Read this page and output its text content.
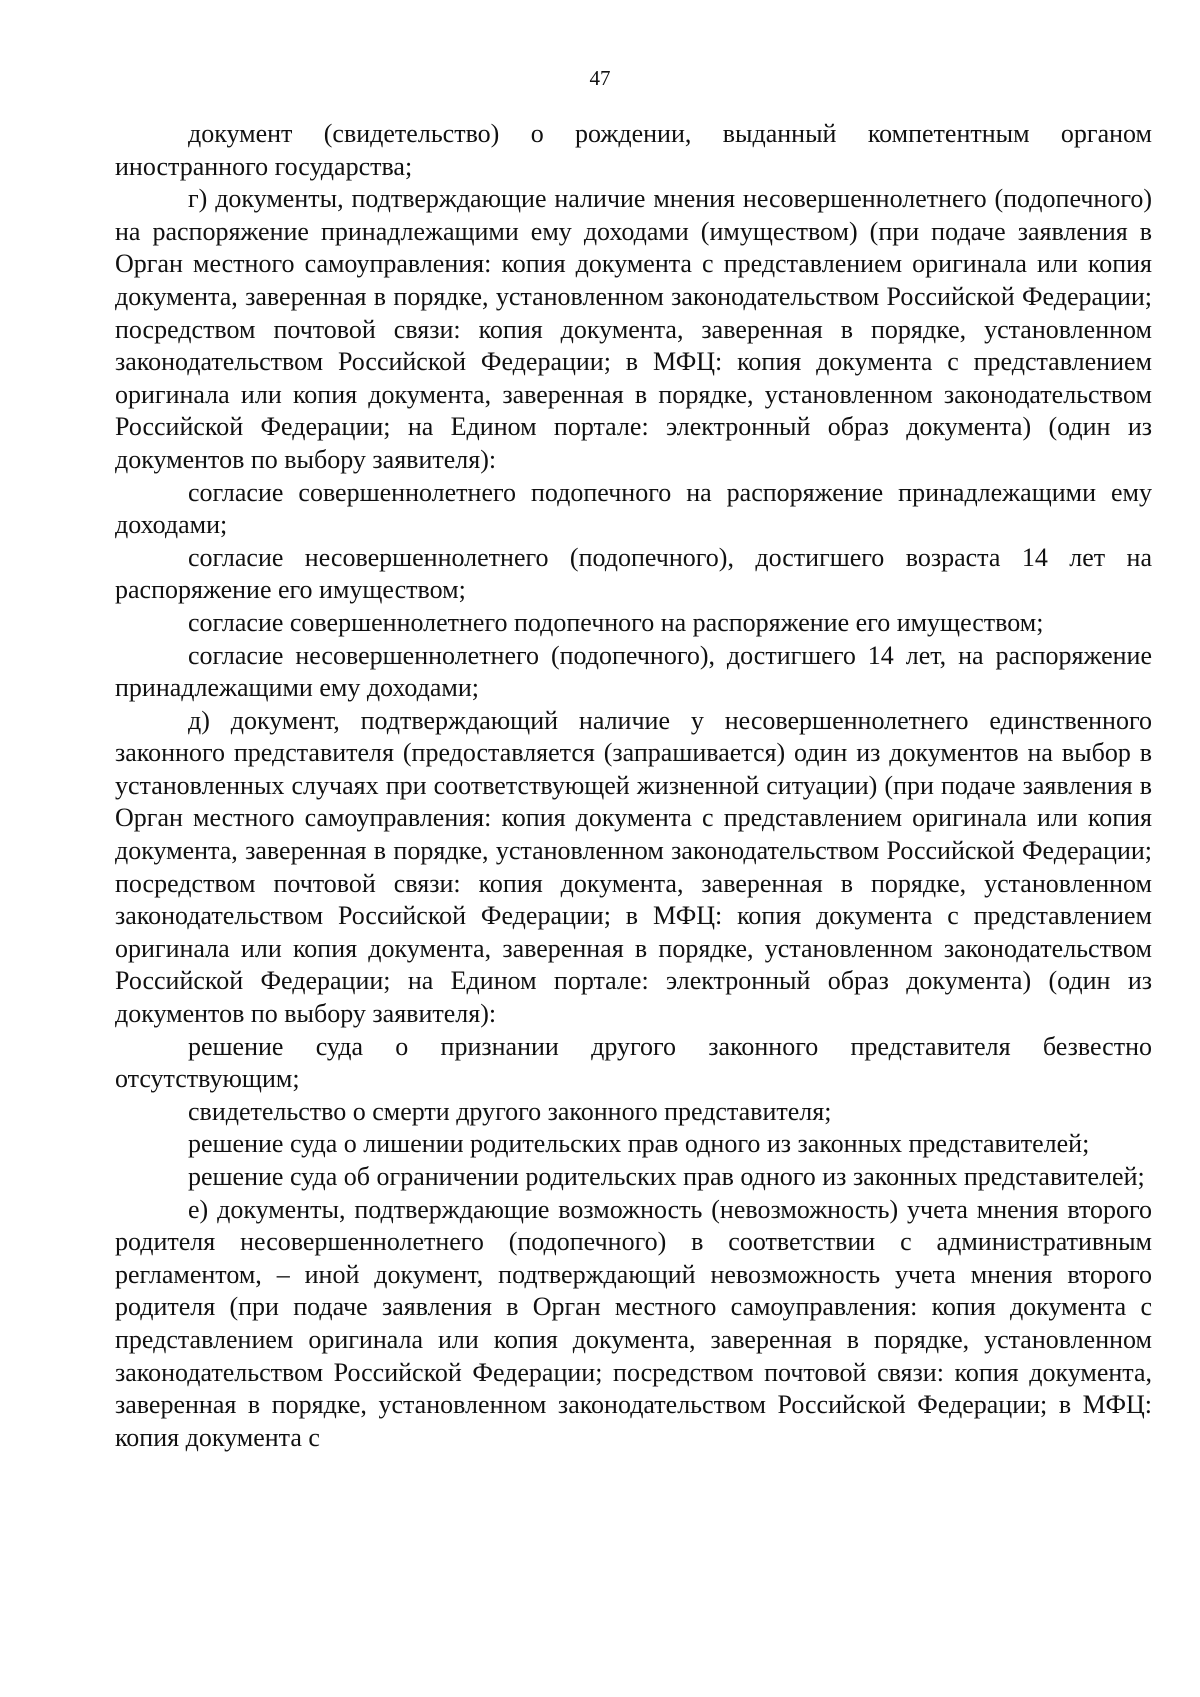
47

документ (свидетельство) о рождении, выданный компетентным органом иностранного государства;

г) документы, подтверждающие наличие мнения несовершеннолетнего (подопечного) на распоряжение принадлежащими ему доходами (имуществом) (при подаче заявления в Орган местного самоуправления: копия документа с представлением оригинала или копия документа, заверенная в порядке, установленном законодательством Российской Федерации; посредством почтовой связи: копия документа, заверенная в порядке, установленном законодательством Российской Федерации; в МФЦ: копия документа с представлением оригинала или копия документа, заверенная в порядке, установленном законодательством Российской Федерации; на Едином портале: электронный образ документа) (один из документов по выбору заявителя):

согласие совершеннолетнего подопечного на распоряжение принадлежащими ему доходами;

согласие несовершеннолетнего (подопечного), достигшего возраста 14 лет на распоряжение его имуществом;

согласие совершеннолетнего подопечного на распоряжение его имуществом;

согласие несовершеннолетнего (подопечного), достигшего 14 лет, на распоряжение принадлежащими ему доходами;

д) документ, подтверждающий наличие у несовершеннолетнего единственного законного представителя (предоставляется (запрашивается) один из документов на выбор в установленных случаях при соответствующей жизненной ситуации) (при подаче заявления в Орган местного самоуправления: копия документа с представлением оригинала или копия документа, заверенная в порядке, установленном законодательством Российской Федерации; посредством почтовой связи: копия документа, заверенная в порядке, установленном законодательством Российской Федерации; в МФЦ: копия документа с представлением оригинала или копия документа, заверенная в порядке, установленном законодательством Российской Федерации; на Едином портале: электронный образ документа) (один из документов по выбору заявителя):

решение суда о признании другого законного представителя безвестно отсутствующим;

свидетельство о смерти другого законного представителя;

решение суда о лишении родительских прав одного из законных представителей;

решение суда об ограничении родительских прав одного из законных представителей;

е) документы, подтверждающие возможность (невозможность) учета мнения второго родителя несовершеннолетнего (подопечного) в соответствии с административным регламентом, – иной документ, подтверждающий невозможность учета мнения второго родителя (при подаче заявления в Орган местного самоуправления: копия документа с представлением оригинала или копия документа, заверенная в порядке, установленном законодательством Российской Федерации; посредством почтовой связи: копия документа, заверенная в порядке, установленном законодательством Российской Федерации; в МФЦ: копия документа с
